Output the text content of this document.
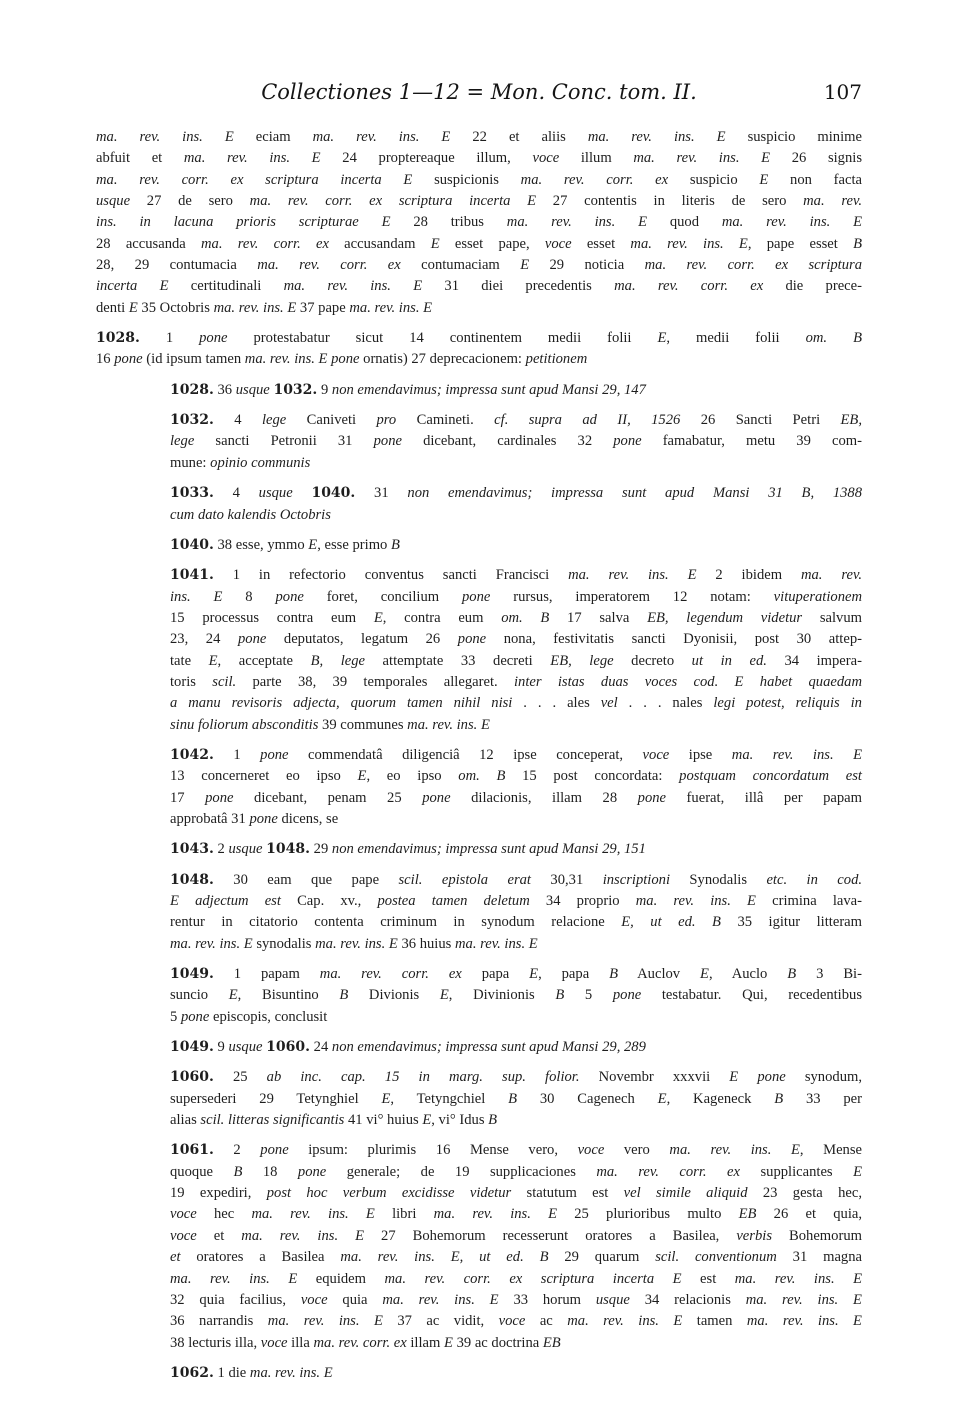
Collectiones 1—12 = Mon. Conc. tom. II.	107
ma. rev. ins. E eciam ma. rev. ins. E 22 et aliis ma. rev. ins. E suspicio minime
abfuit et ma. rev. ins. E 24 proptereaque illum, voce illum ma. rev. ins. E 26 signis
ma. rev. corr. ex scriptura incerta E suspicionis ma. rev. corr. ex suspicio E non facta
usque 27 de sero ma. rev. corr. ex scriptura incerta E 27 contentis in literis de sero ma. rev.
ins. in lacuna prioris scripturae E 28 tribus ma. rev. ins. E quod ma. rev. ins. E
28 accusanda ma. rev. corr. ex accusandam E esset pape, voce esset ma. rev. ins. E, pape esset B
28, 29 contumacia ma. rev. corr. ex contumaciam E 29 noticia ma. rev. corr. ex scriptura
incerta E certitudinali ma. rev. ins. E 31 diei precedentis ma. rev. corr. ex die prece-
denti E 35 Octobris ma. rev. ins. E 37 pape ma. rev. ins. E
1028. 1 pone protestabatur sicut 14 continentem medii folii E, medii folii om. B
16 pone (id ipsum tamen ma. rev. ins. E pone ornatis) 27 deprecacionem: petitionem
1028. 36 usque 1032. 9 non emendavimus; impressa sunt apud Mansi 29, 147
1032. 4 lege Caniveti pro Camineti. cf. supra ad II, 1526 26 Sancti Petri EB,
lege sancti Petronii 31 pone dicebant, cardinales 32 pone famabatur, metu 39 com-
mune: opinio communis
1033. 4 usque 1040. 31 non emendavimus; impressa sunt apud Mansi 31 B, 1388
cum dato kalendis Octobris
1040. 38 esse, ymmo E, esse primo B
1041. 1 in refectorio conventus sancti Francisci ma. rev. ins. E 2 ibidem ma. rev.
ins. E 8 pone foret, concilium pone rursus, imperatorem 12 notam: vituperationem
15 processus contra eum E, contra eum om. B 17 salva EB, legendum videtur salvum
23, 24 pone deputatos, legatum 26 pone nona, festivitatis sancti Dyonisii, post 30 attep-
tate E, acceptate B, lege attemptate 33 decreti EB, lege decreto ut in ed. 34 impera-
toris scil. parte 38, 39 temporales allegaret. inter istas duas voces cod. E habet quaedam
a manu revisoris adjecta, quorum tamen nihil nisi . . . ales vel . . . nales legi potest, reliquis in
sinu foliorum absconditis 39 communes ma. rev. ins. E
1042. 1 pone commendatâ diligenciâ 12 ipse conceperat, voce ipse ma. rev. ins. E
13 concerneret eo ipso E, eo ipso om. B 15 post concordata: postquam concordatum est
17 pone dicebant, penam 25 pone dilacionis, illam 28 pone fuerat, illâ per papam
approbatâ 31 pone dicens, se
1043. 2 usque 1048. 29 non emendavimus; impressa sunt apud Mansi 29, 151
1048. 30 eam que pape scil. epistola erat 30,31 inscriptioni Synodalis etc. in cod.
E adjectum est Cap. xv., postea tamen deletum 34 proprio ma. rev. ins. E crimina lava-
rentur in citatorio contenta criminum in synodum relacione E, ut ed. B 35 igitur litteram
ma. rev. ins. E synodalis ma. rev. ins. E 36 huius ma. rev. ins. E
1049. 1 papam ma. rev. corr. ex papa E, papa B Auclov E, Auclo B 3 Bi-
suncio E, Bisuntino B Divionis E, Divinionis B 5 pone testabatur. Qui, recedentibus
5 pone episcopis, conclusit
1049. 9 usque 1060. 24 non emendavimus; impressa sunt apud Mansi 29, 289
1060. 25 ab inc. cap. 15 in marg. sup. folior. Novembr xxxvii E pone synodum,
supersederi 29 Tetynghiel E, Tetyngchiel B 30 Cagenech E, Kageneck B 33 per
alias scil. litteras significantis 41 vi° huius E, vi° Idus B
1061. 2 pone ipsum: plurimis 16 Mense vero, voce vero ma. rev. ins. E, Mense
quoque B 18 pone generale; de 19 supplicaciones ma. rev. corr. ex supplicantes E
19 expediri, post hoc verbum excidisse videtur statutum est vel simile aliquid 23 gesta hec,
voce hec ma. rev. ins. E libri ma. rev. ins. E 25 plurioribus multo EB 26 et quia,
voce et ma. rev. ins. E 27 Bohemorum recesserunt oratores a Basilea, verbis Bohemorum
et oratores a Basilea ma. rev. ins. E, ut ed. B 29 quarum scil. conventionum 31 magna
ma. rev. ins. E equidem ma. rev. corr. ex scriptura incerta E est ma. rev. ins. E
32 quia facilius, voce quia ma. rev. ins. E 33 horum usque 34 relacionis ma. rev. ins. E
36 narrandis ma. rev. ins. E 37 ac vidit, voce ac ma. rev. ins. E tamen ma. rev. ins. E
38 lecturis illa, voce illa ma. rev. corr. ex illam E 39 ac doctrina EB
1062. 1 die ma. rev. ins. E
